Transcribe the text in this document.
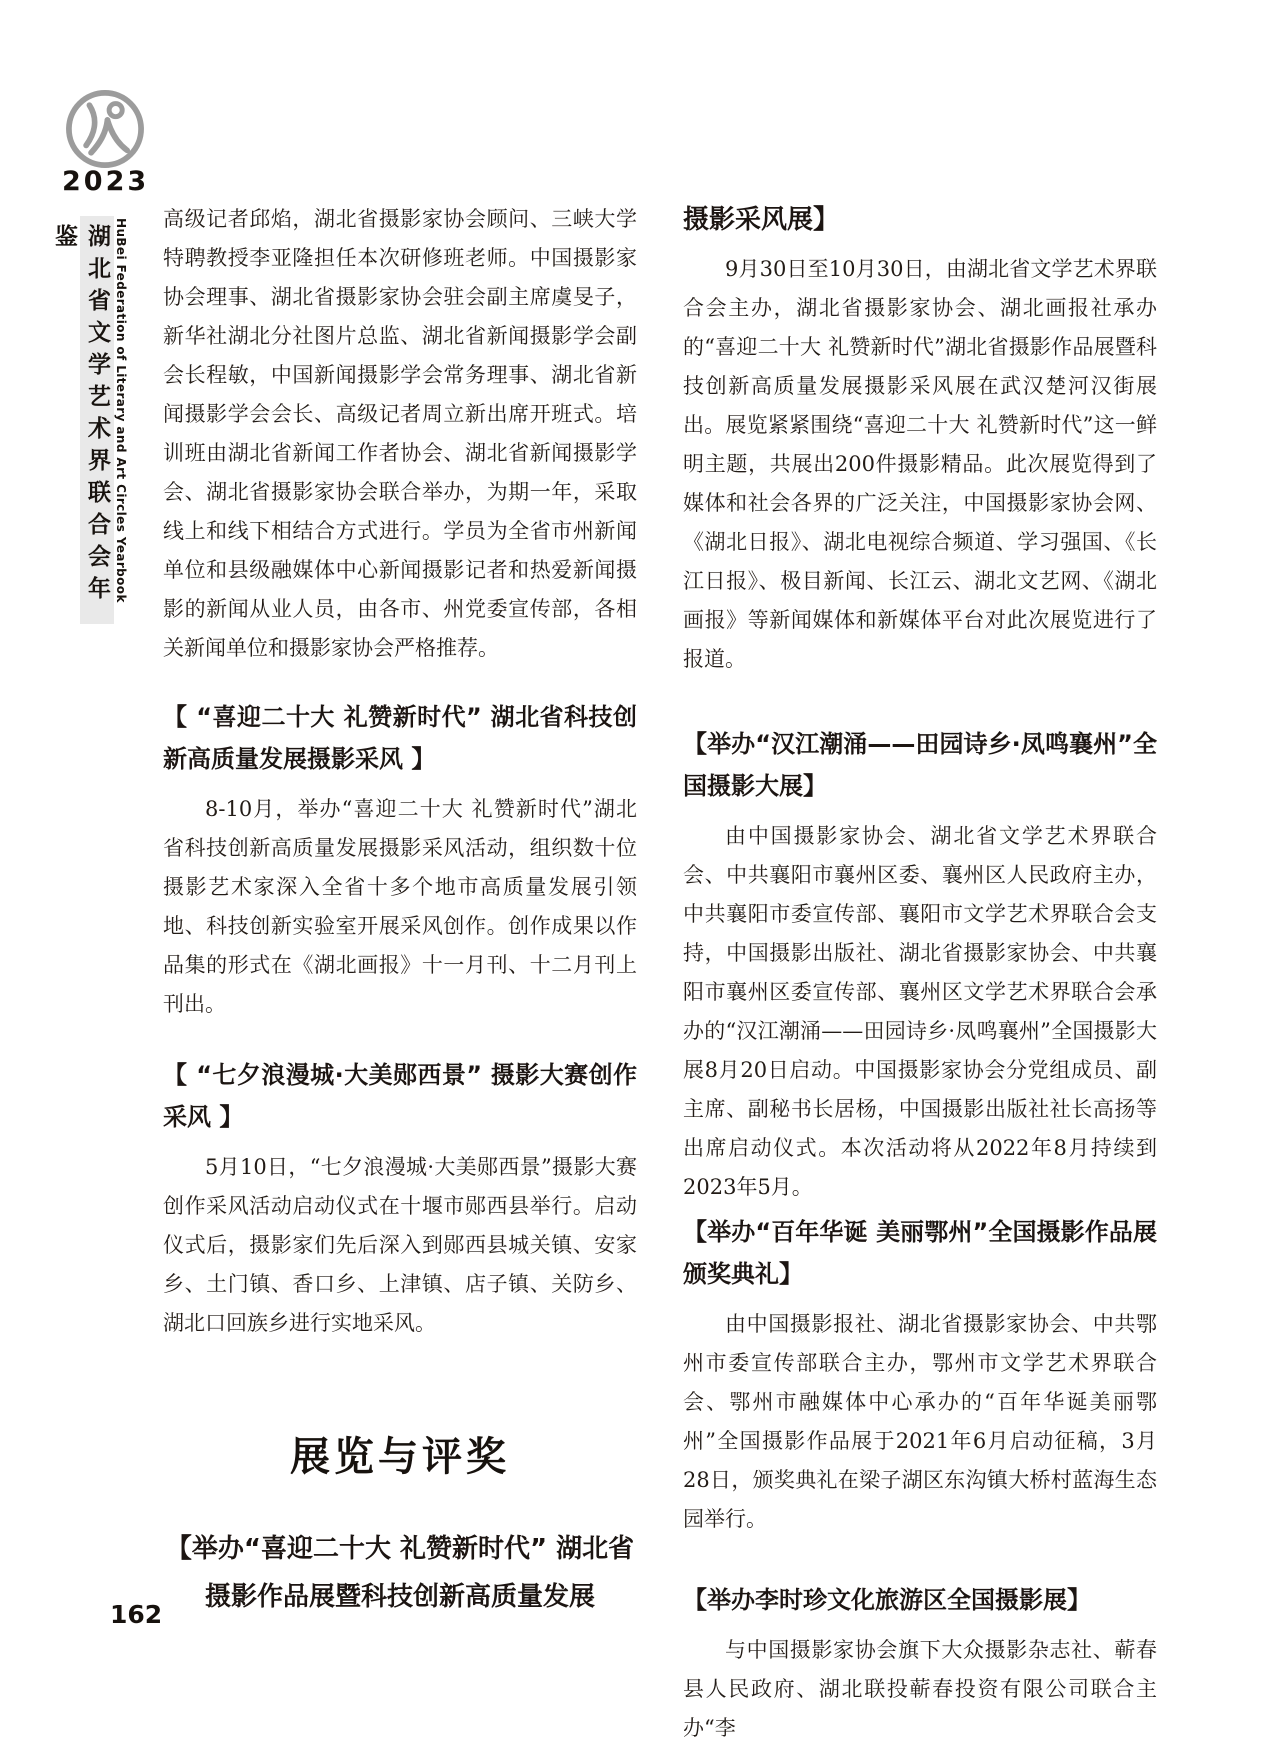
2023
湖北省文学艺术界联合会年鉴	HuBei Federation of Literary and Art Circles Yearbook 高级记者邱焰，湖北省摄影家协会顾问、三峡大学特聘教授李亚隆担任本次研修班老师。中国摄影家协会理事、湖北省摄影家协会驻会副主席虞旻子，新华社湖北分社图片总监、湖北省新闻摄影学会副会长程敏，中国新闻摄影学会常务理事、湖北省新闻摄影学会会长、高级记者周立新出席开班式。培训班由湖北省新闻工作者协会、湖北省新闻摄影学会、湖北省摄影家协会联合举办，为期一年，采取线上和线下相结合方式进行。学员为全省市州新闻单位和县级融媒体中心新闻摄影记者和热爱新闻摄影的新闻从业人员，由各市、州党委宣传部，各相关新闻单位和摄影家协会严格推荐。

【 “喜迎二十大 礼赞新时代” 湖北省科技创新高质量发展摄影采风 】

8-10月，举办“喜迎二十大 礼赞新时代”湖北省科技创新高质量发展摄影采风活动，组织数十位摄影艺术家深入全省十多个地市高质量发展引领地、科技创新实验室开展采风创作。创作成果以作品集的形式在《湖北画报》十一月刊、十二月刊上刊出。

【 “七夕浪漫城·大美郧西景” 摄影大赛创作采风 】

5月10日，“七夕浪漫城·大美郧西景”摄影大赛创作采风活动启动仪式在十堰市郧西县举行。启动仪式后，摄影家们先后深入到郧西县城关镇、安家乡、土门镇、香口乡、上津镇、店子镇、关防乡、湖北口回族乡进行实地采风。

展览与评奖
【举办“喜迎二十大 礼赞新时代” 湖北省摄影作品展暨科技创新高质量发展
摄影采风展】

9月30日至10月30日，由湖北省文学艺术界联合会主办，湖北省摄影家协会、湖北画报社承办的“喜迎二十大 礼赞新时代”湖北省摄影作品展暨科技创新高质量发展摄影采风展在武汉楚河汉街展出。展览紧紧围绕“喜迎二十大 礼赞新时代”这一鲜明主题，共展出200件摄影精品。此次展览得到了媒体和社会各界的广泛关注，中国摄影家协会网、《湖北日报》、湖北电视综合频道、学习强国、《长江日报》、极目新闻、长江云、湖北文艺网、《湖北画报》等新闻媒体和新媒体平台对此次展览进行了报道。

【举办“汉江潮涌——田园诗乡·凤鸣襄州”全国摄影大展】

由中国摄影家协会、湖北省文学艺术界联合会、中共襄阳市襄州区委、襄州区人民政府主办，中共襄阳市委宣传部、襄阳市文学艺术界联合会支持，中国摄影出版社、湖北省摄影家协会、中共襄阳市襄州区委宣传部、襄州区文学艺术界联合会承办的“汉江潮涌——田园诗乡·凤鸣襄州”全国摄影大展8月20日启动。中国摄影家协会分党组成员、副主席、副秘书长居杨，中国摄影出版社社长高扬等出席启动仪式。本次活动将从2022年8月持续到2023年5月。

【举办“百年华诞 美丽鄂州”全国摄影作品展颁奖典礼】

由中国摄影报社、湖北省摄影家协会、中共鄂州市委宣传部联合主办，鄂州市文学艺术界联合会、鄂州市融媒体中心承办的“百年华诞美丽鄂州”全国摄影作品展于2021年6月启动征稿，3月28日，颁奖典礼在梁子湖区东沟镇大桥村蓝海生态园举行。

【举办李时珍文化旅游区全国摄影展】

与中国摄影家协会旗下大众摄影杂志社、蕲春县人民政府、湖北联投蕲春投资有限公司联合主办“李

162
